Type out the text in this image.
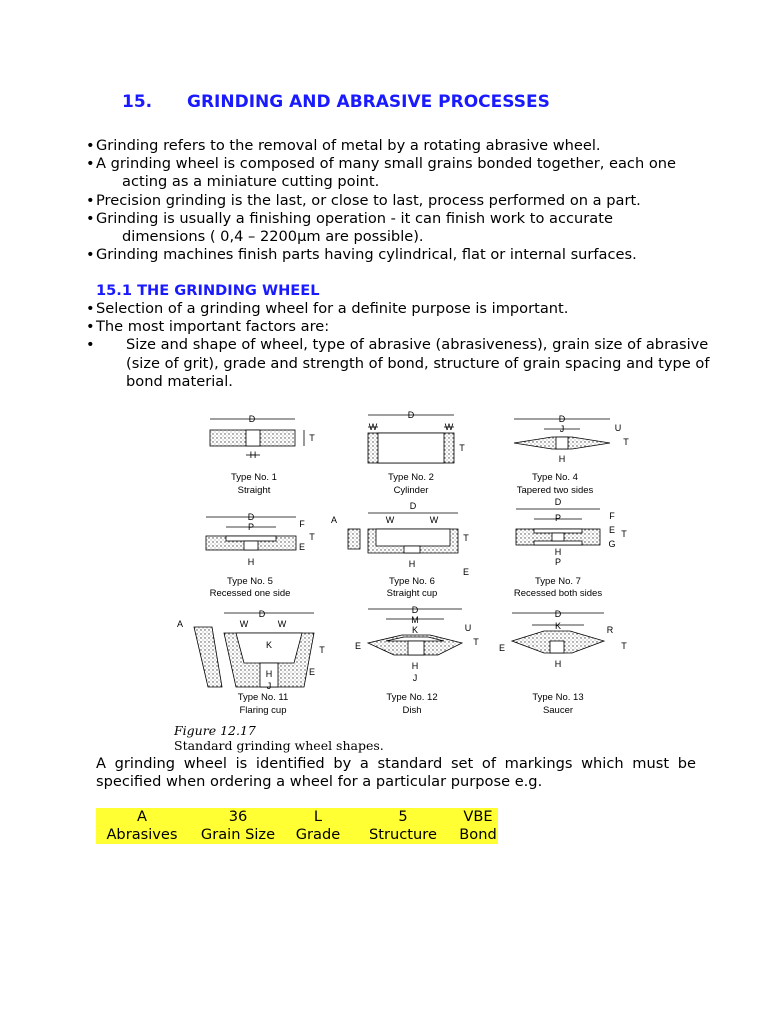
15. GRINDING AND ABRASIVE PROCESSES
• Grinding refers to the removal of metal by a rotating abrasive wheel.
• A grinding wheel is composed of many small grains bonded together, each one
acting as a miniature cutting point.
• Precision grinding is the last, or close to last, process performed on a part.
• Grinding is usually a finishing operation - it can finish work to accurate
dimensions ( 0,4 – 2200µm are possible).
• Grinding machines finish parts having cylindrical, flat or internal surfaces.
15.1 THE GRINDING WHEEL
• Selection of a grinding wheel for a definite purpose is important.
• The most important factors are:
• Size and shape of wheel, type of abrasive (abrasiveness), grain size of abrasive (size of grit), grade and strength of bond, structure of grain spacing and type of bond material.
D
T
H
D
W	W
T
D
J
H
U
T
D
P
H
F
E
T
D
A	W	W
H
T
E
D
P
H
P
F
E
G
T
D
A	W	W
K
H
J
T
E
D
M
K
H
J
E
U
T
D
K
H
E
R
T
Type No. 1
Straight
Type No. 2
Cylinder
Type No. 4
Tapered two sides
Type No. 5
Recessed one side
Type No. 6
Straight cup
Type No. 7
Recessed both sides
Type No. 11
Flaring cup
Type No. 12
Dish
Type No. 13
Saucer
Figure 12.17
Standard grinding wheel shapes.
A grinding wheel is identified by a standard set of markings which must be specified when ordering a wheel for a particular purpose e.g.
A	36	L	5	VBE
Abrasives	Grain Size	Grade	Structure	Bond
